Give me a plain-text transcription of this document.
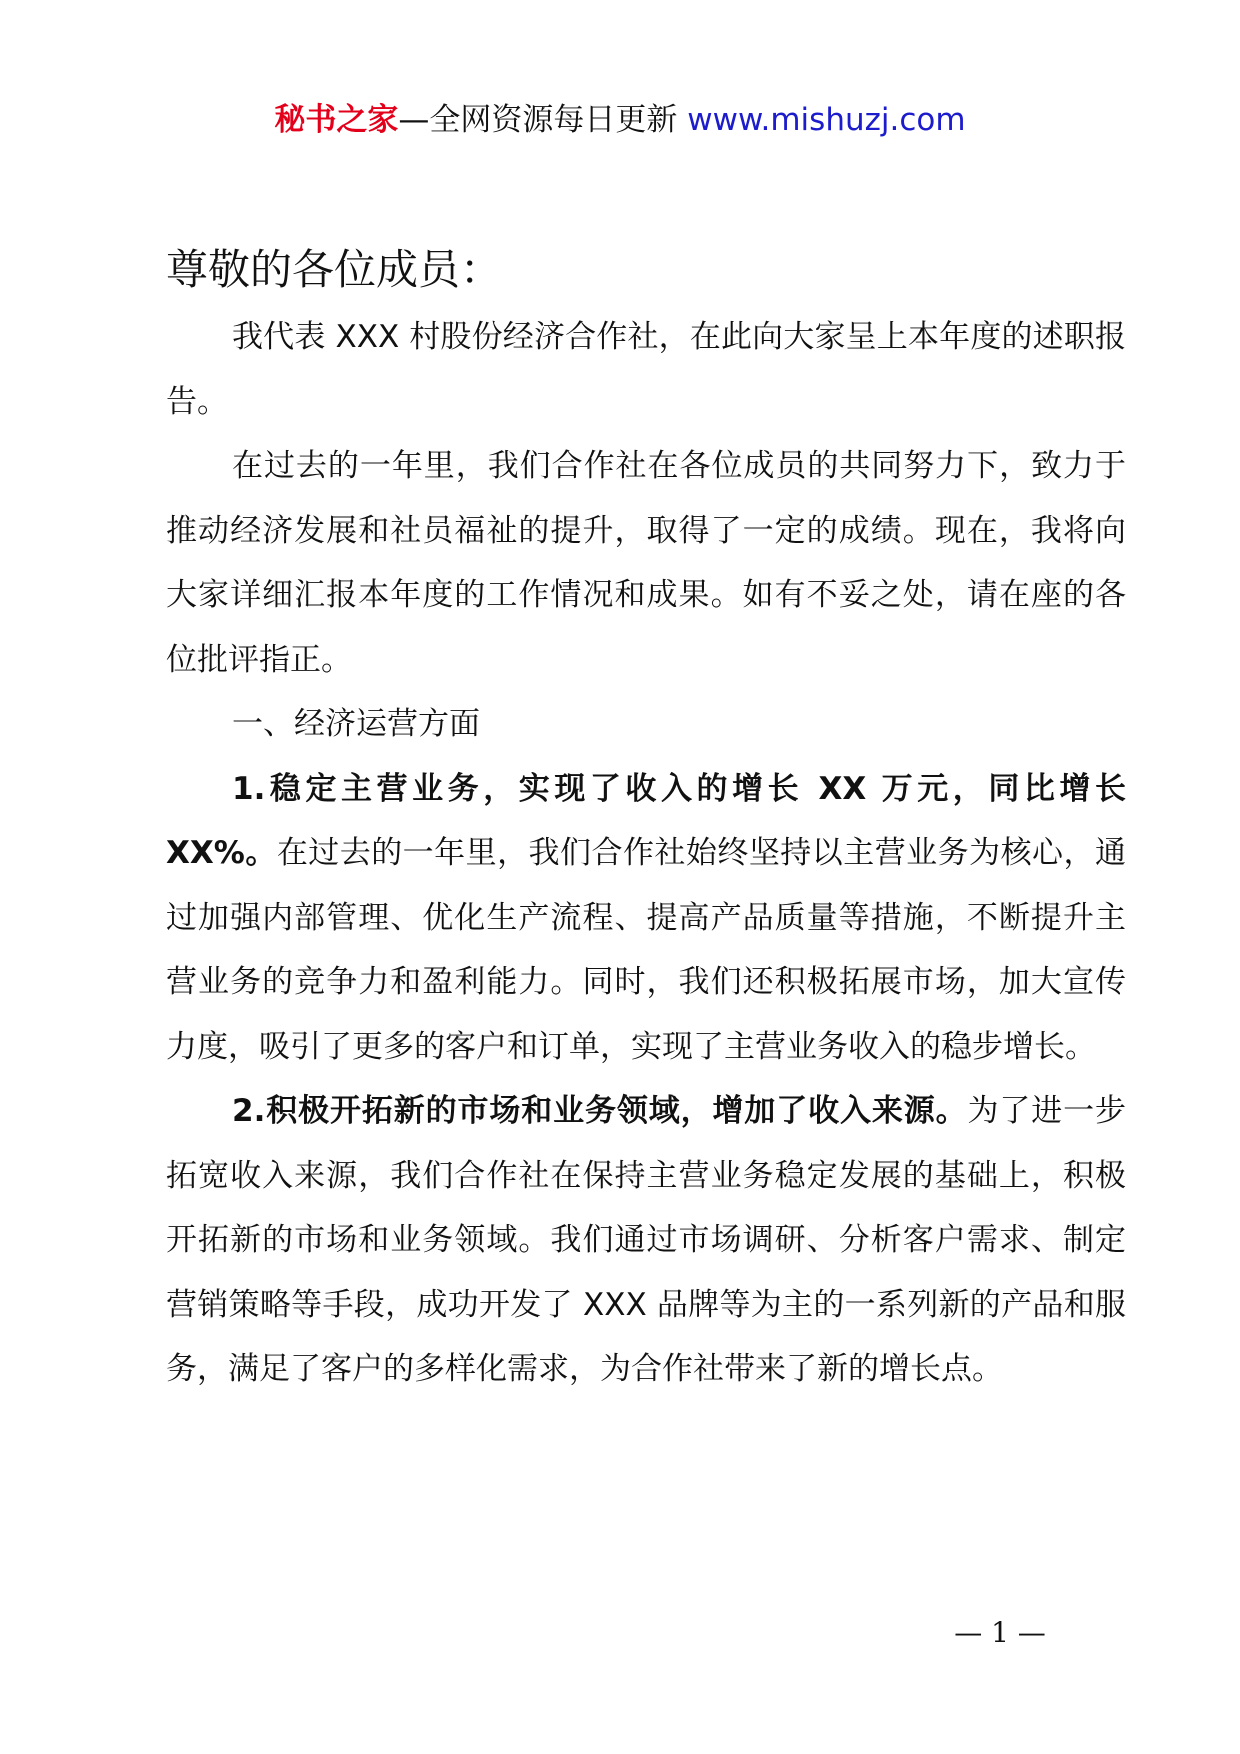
秘书之家—全网资源每日更新 www.mishuzj.com

尊敬的各位成员：

我代表 XXX 村股份经济合作社，在此向大家呈上本年度的述职报告。

在过去的一年里，我们合作社在各位成员的共同努力下，致力于推动经济发展和社员福祉的提升，取得了一定的成绩。现在，我将向大家详细汇报本年度的工作情况和成果。如有不妥之处，请在座的各位批评指正。

一、经济运营方面

1.稳定主营业务，实现了收入的增长 XX 万元，同比增长 XX%。在过去的一年里，我们合作社始终坚持以主营业务为核心，通过加强内部管理、优化生产流程、提高产品质量等措施，不断提升主营业务的竞争力和盈利能力。同时，我们还积极拓展市场，加大宣传力度，吸引了更多的客户和订单，实现了主营业务收入的稳步增长。

2.积极开拓新的市场和业务领域，增加了收入来源。为了进一步拓宽收入来源，我们合作社在保持主营业务稳定发展的基础上，积极开拓新的市场和业务领域。我们通过市场调研、分析客户需求、制定营销策略等手段，成功开发了 XXX 品牌等为主的一系列新的产品和服务，满足了客户的多样化需求，为合作社带来了新的增长点。

— 1 —
